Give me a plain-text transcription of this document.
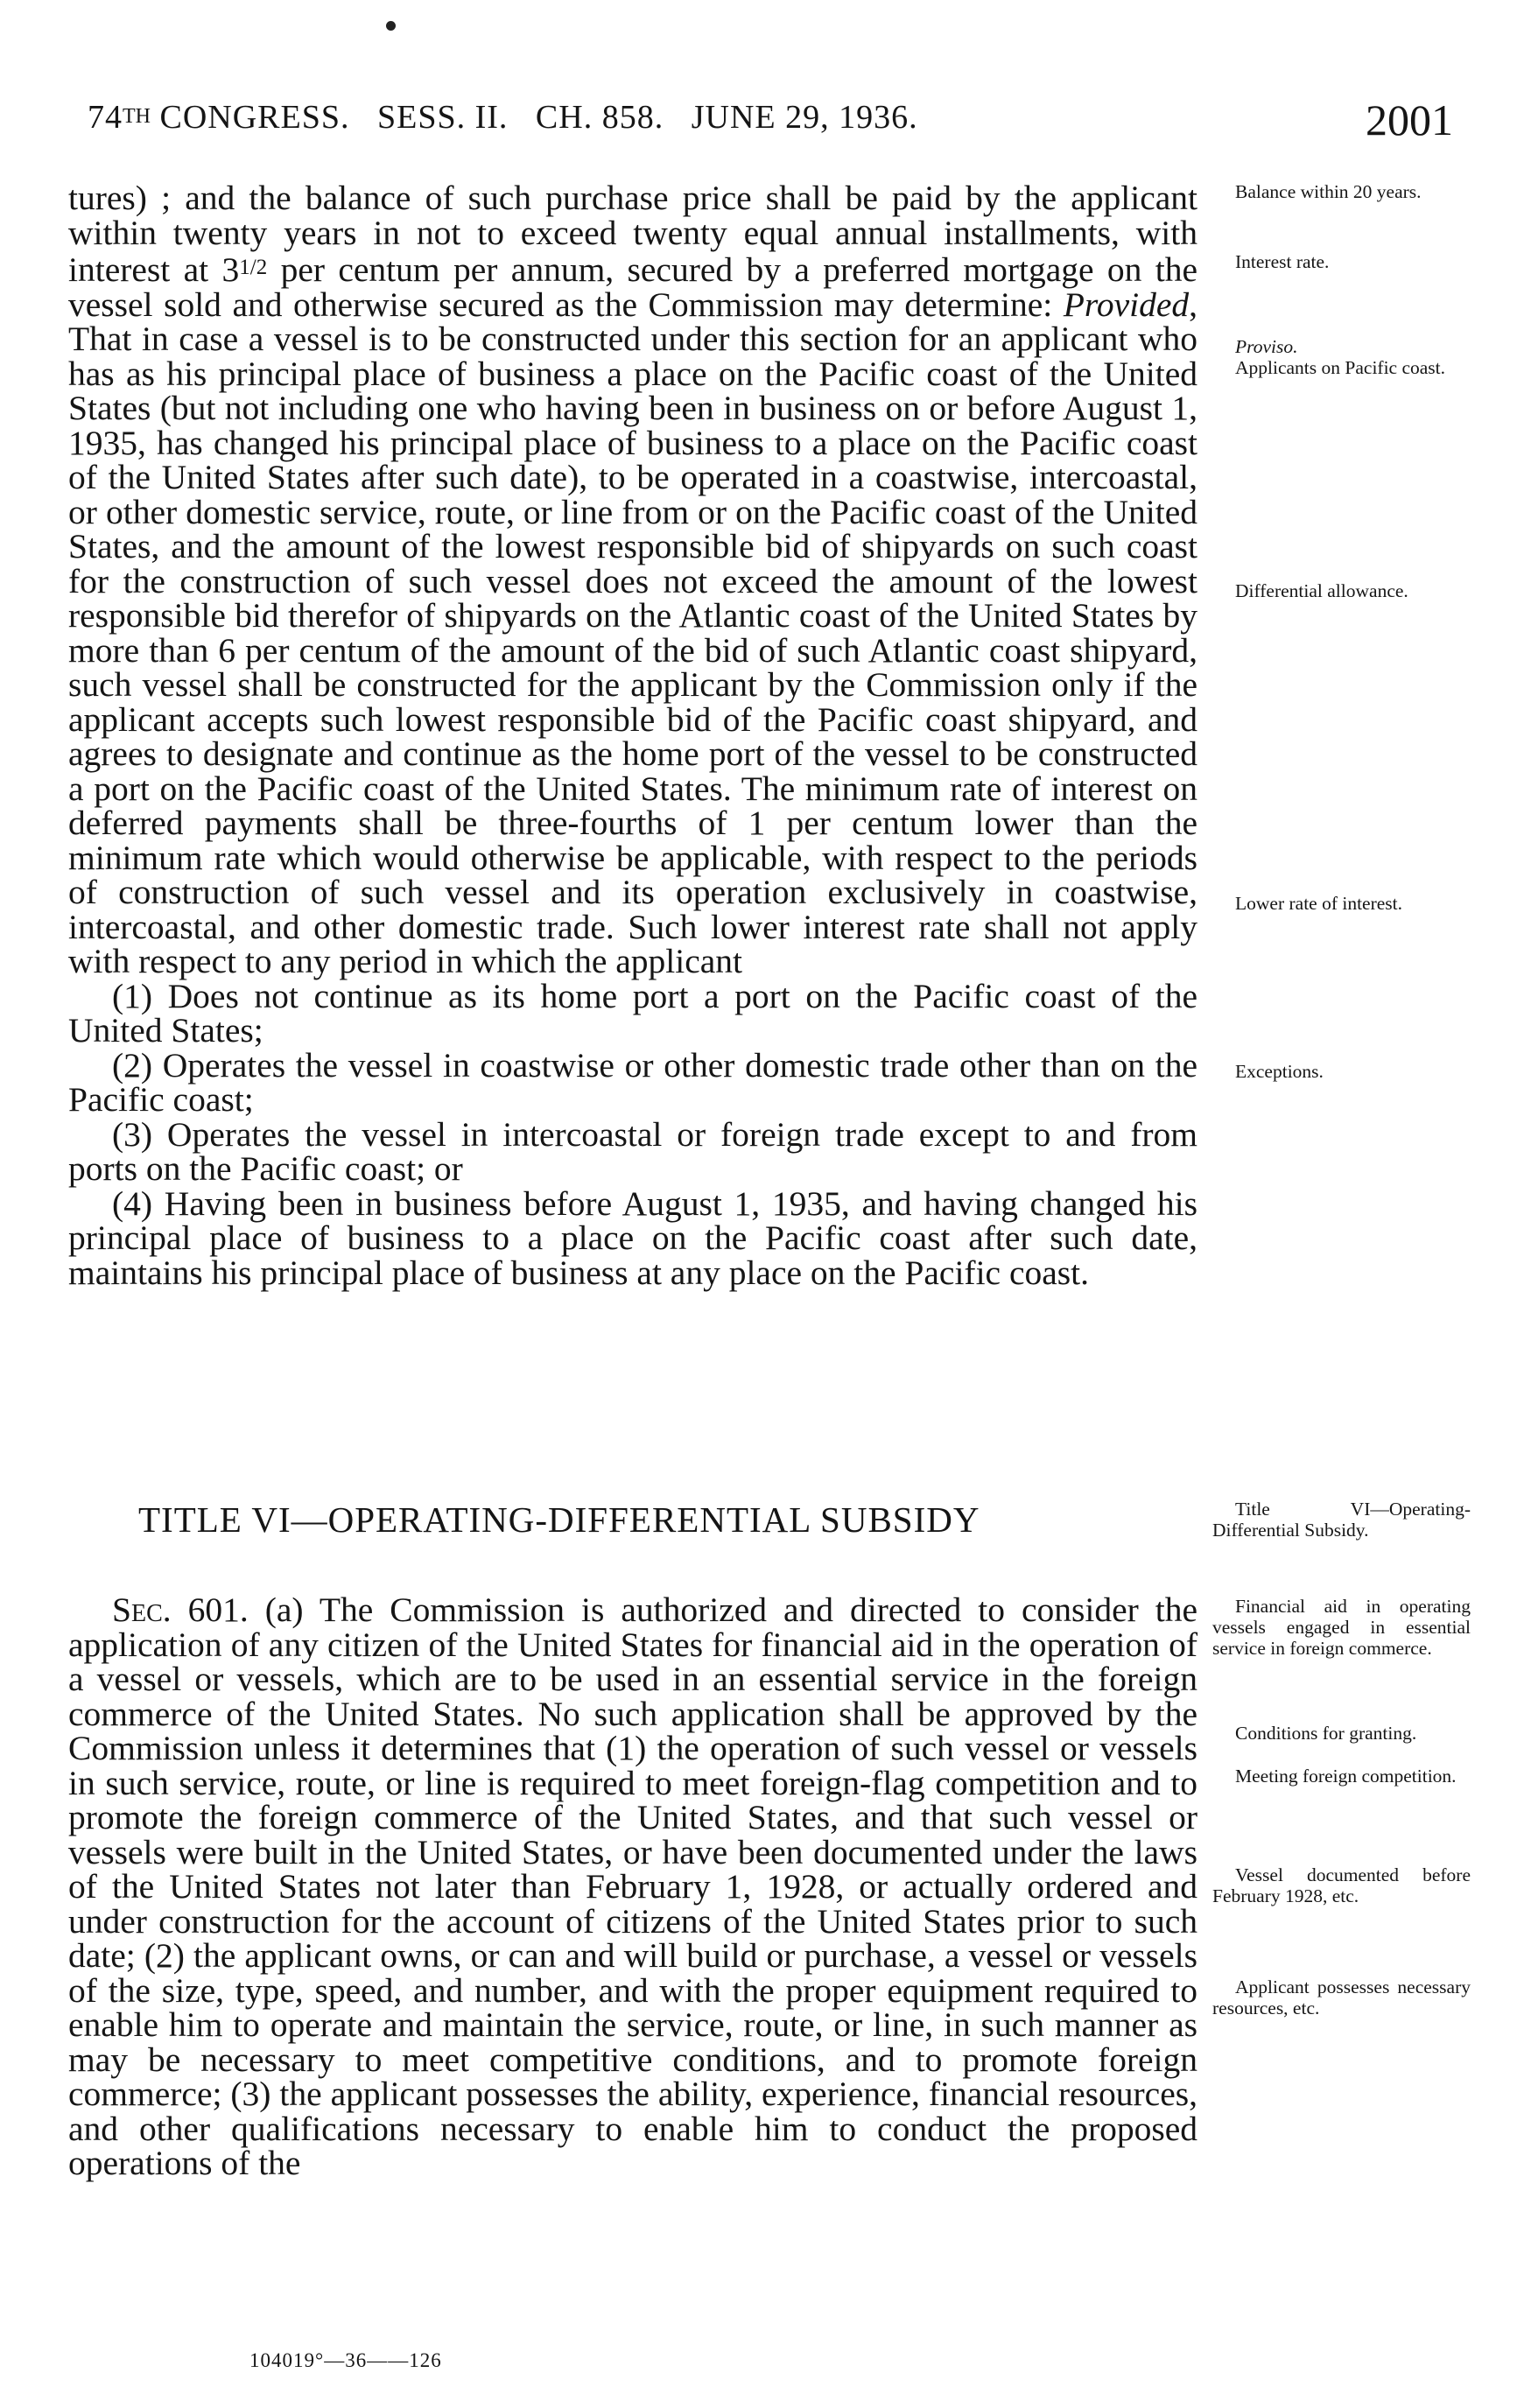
74TH CONGRESS.   SESS. II.   CH. 858.   JUNE 29, 1936.	2001

tures) ; and the balance of such purchase price shall be paid by the applicant within twenty years in not to exceed twenty equal annual installments, with interest at $3^{1/2}$ per centum per annum, secured by a preferred mortgage on the vessel sold and otherwise secured as the Commission may determine: Provided, That in case a vessel is to be constructed under this section for an applicant who has as his principal place of business a place on the Pacific coast of the United States (but not including one who having been in business on or before August 1, 1935, has changed his principal place of business to a place on the Pacific coast of the United States after such date), to be operated in a coastwise, intercoastal, or other domestic service, route, or line from or on the Pacific coast of the United States, and the amount of the lowest responsible bid of shipyards on such coast for the construction of such vessel does not exceed the amount of the lowest responsible bid therefor of shipyards on the Atlantic coast of the United States by more than 6 per centum of the amount of the bid of such Atlantic coast shipyard, such vessel shall be constructed for the applicant by the Commission only if the applicant accepts such lowest responsible bid of the Pacific coast shipyard, and agrees to designate and continue as the home port of the vessel to be constructed a port on the Pacific coast of the United States. The minimum rate of interest on deferred payments shall be three-fourths of 1 per centum lower than the minimum rate which would otherwise be applicable, with respect to the periods of construction of such vessel and its operation exclusively in coastwise, intercoastal, and other domestic trade. Such lower interest rate shall not apply with respect to any period in which the applicant

(1) Does not continue as its home port a port on the Pacific coast of the United States;

(2) Operates the vessel in coastwise or other domestic trade other than on the Pacific coast;

(3) Operates the vessel in intercoastal or foreign trade except to and from ports on the Pacific coast; or

(4) Having been in business before August 1, 1935, and having changed his principal place of business to a place on the Pacific coast after such date, maintains his principal place of business at any place on the Pacific coast.

TITLE VI—OPERATING-DIFFERENTIAL SUBSIDY

Sec. 601. (a) The Commission is authorized and directed to consider the application of any citizen of the United States for financial aid in the operation of a vessel or vessels, which are to be used in an essential service in the foreign commerce of the United States. No such application shall be approved by the Commission unless it determines that (1) the operation of such vessel or vessels in such service, route, or line is required to meet foreign-flag competition and to promote the foreign commerce of the United States, and that such vessel or vessels were built in the United States, or have been documented under the laws of the United States not later than February 1, 1928, or actually ordered and under construction for the account of citizens of the United States prior to such date; (2) the applicant owns, or can and will build or purchase, a vessel or vessels of the size, type, speed, and number, and with the proper equipment required to enable him to operate and maintain the service, route, or line, in such manner as may be necessary to meet competitive conditions, and to promote foreign commerce; (3) the applicant possesses the ability, experience, financial resources, and other qualifications necessary to enable him to conduct the proposed operations of the

Balance within 20 years.
Interest rate.
Proviso.
Applicants on Pacific coast.
Differential allowance.
Lower rate of interest.
Exceptions.
Title VI—Operating-Differential Subsidy.
Financial aid in operating vessels engaged in essential service in foreign commerce.
Conditions for granting.
Meeting foreign competition.
Vessel documented before February 1928, etc.
Applicant possesses necessary resources, etc.
104019°—36——126
